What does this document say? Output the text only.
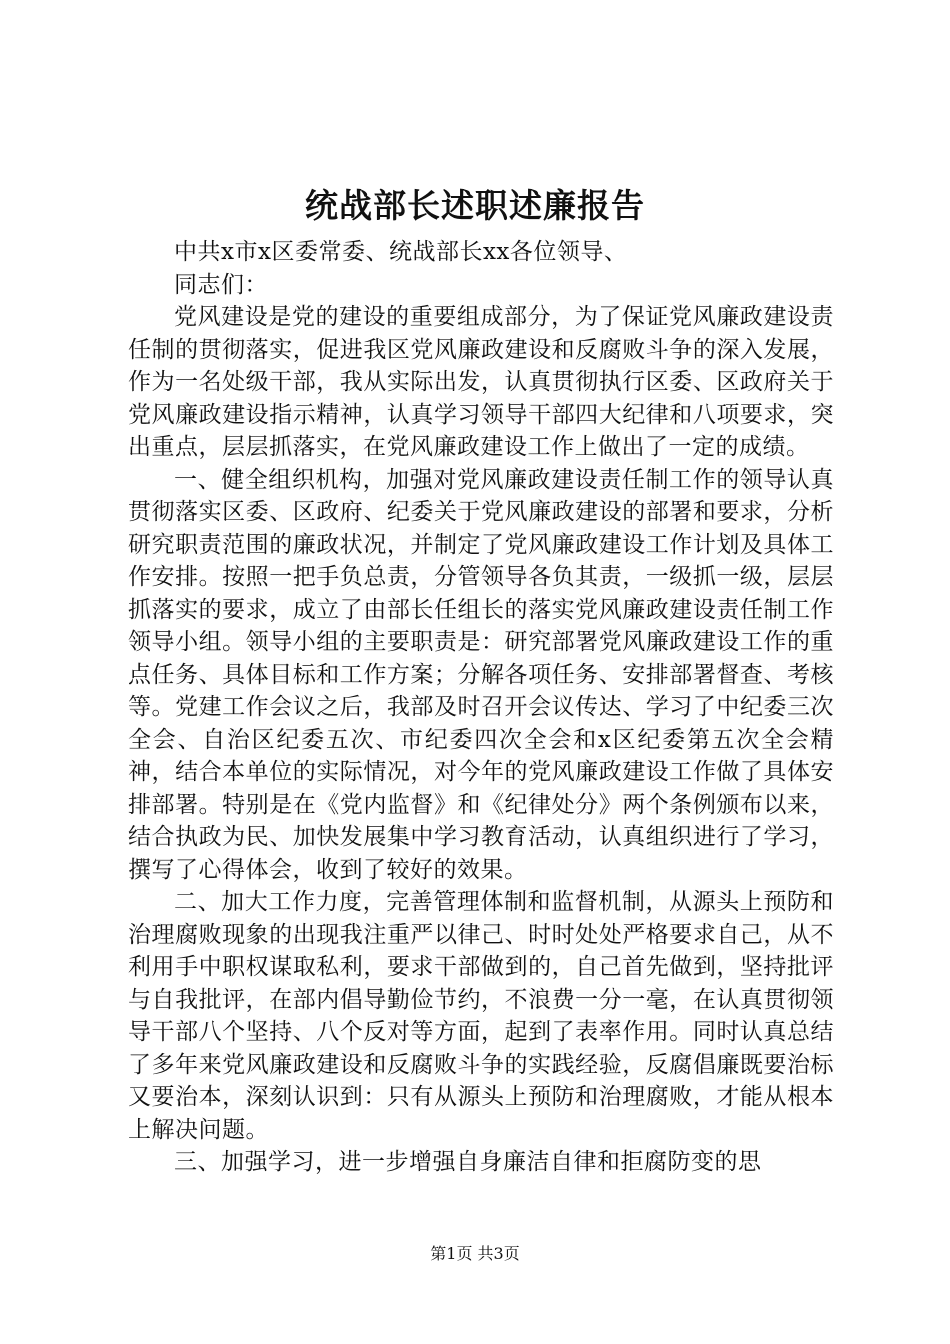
统战部长述职述廉报告

中共x市x区委常委、统战部长xx各位领导、

同志们：

党风建设是党的建设的重要组成部分，为了保证党风廉政建设责任制的贯彻落实，促进我区党风廉政建设和反腐败斗争的深入发展，作为一名处级干部，我从实际出发，认真贯彻执行区委、区政府关于党风廉政建设指示精神，认真学习领导干部四大纪律和八项要求，突出重点，层层抓落实，在党风廉政建设工作上做出了一定的成绩。

一、健全组织机构，加强对党风廉政建设责任制工作的领导认真贯彻落实区委、区政府、纪委关于党风廉政建设的部署和要求，分析研究职责范围的廉政状况，并制定了党风廉政建设工作计划及具体工作安排。按照一把手负总责，分管领导各负其责，一级抓一级，层层抓落实的要求，成立了由部长任组长的落实党风廉政建设责任制工作领导小组。领导小组的主要职责是：研究部署党风廉政建设工作的重点任务、具体目标和工作方案；分解各项任务、安排部署督查、考核等。党建工作会议之后，我部及时召开会议传达、学习了中纪委三次全会、自治区纪委五次、市纪委四次全会和x区纪委第五次全会精神，结合本单位的实际情况，对今年的党风廉政建设工作做了具体安排部署。特别是在《党内监督》和《纪律处分》两个条例颁布以来，结合执政为民、加快发展集中学习教育活动，认真组织进行了学习，撰写了心得体会，收到了较好的效果。

二、加大工作力度，完善管理体制和监督机制，从源头上预防和治理腐败现象的出现我注重严以律己、时时处处严格要求自己，从不利用手中职权谋取私利，要求干部做到的，自己首先做到，坚持批评与自我批评，在部内倡导勤俭节约，不浪费一分一毫，在认真贯彻领导干部八个坚持、八个反对等方面，起到了表率作用。同时认真总结了多年来党风廉政建设和反腐败斗争的实践经验，反腐倡廉既要治标又要治本，深刻认识到：只有从源头上预防和治理腐败，才能从根本上解决问题。

三、加强学习，进一步增强自身廉洁自律和拒腐防变的思

第1页 共3页
